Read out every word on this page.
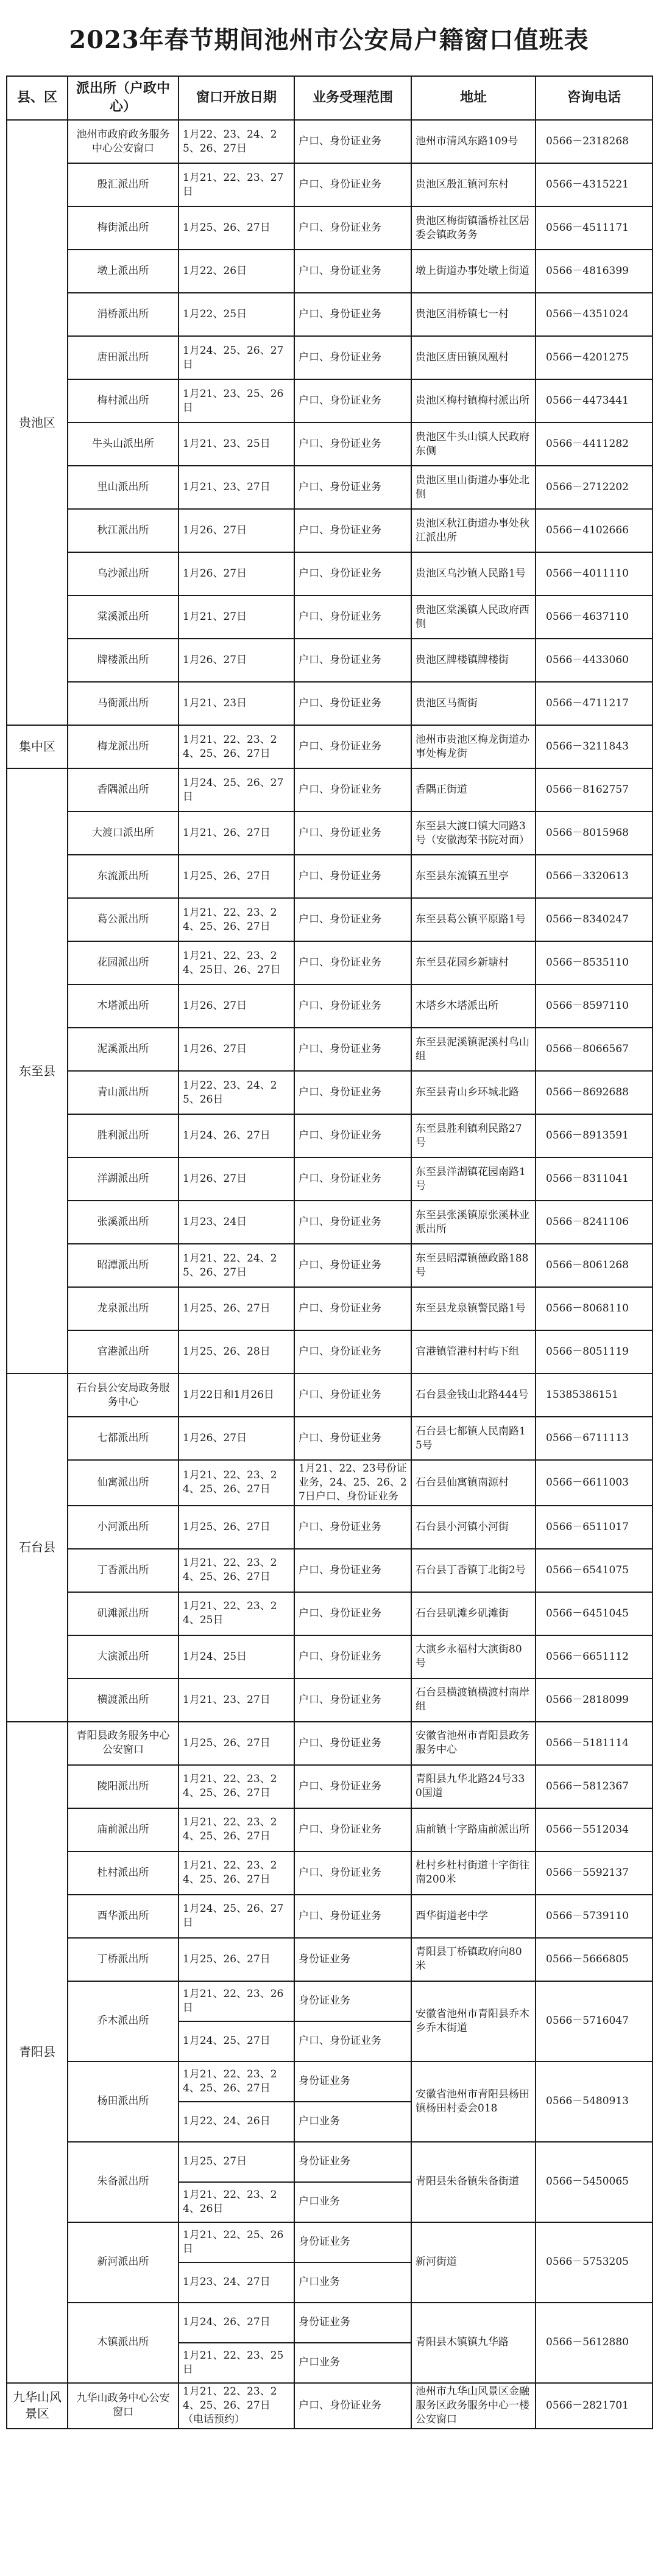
2023年春节期间池州市公安局户籍窗口值班表
县、区	派出所（户政中心）	窗口开放日期	业务受理范围	地址	咨询电话
贵池区	池州市政府政务服务中心公安窗口	1月22、23、24、25、26、27日	户口、身份证业务	池州市清风东路109号	0566－2318268
	殷汇派出所	1月21、22、23、27日	户口、身份证业务	贵池区殷汇镇河东村	0566－4315221
	梅街派出所	1月25、26、27日	户口、身份证业务	贵池区梅街镇潘桥社区居委会镇政务务	0566－4511171
	墩上派出所	1月22、26日	户口、身份证业务	墩上街道办事处墩上街道	0566－4816399
	涓桥派出所	1月22、25日	户口、身份证业务	贵池区涓桥镇七一村	0566－4351024
	唐田派出所	1月24、25、26、27日	户口、身份证业务	贵池区唐田镇凤凰村	0566－4201275
	梅村派出所	1月21、23、25、26日	户口、身份证业务	贵池区梅村镇梅村派出所	0566－4473441
	牛头山派出所	1月21、23、25日	户口、身份证业务	贵池区牛头山镇人民政府东侧	0566－4411282
	里山派出所	1月21、23、27日	户口、身份证业务	贵池区里山街道办事处北侧	0566－2712202
	秋江派出所	1月26、27日	户口、身份证业务	贵池区秋江街道办事处秋江派出所	0566－4102666
	乌沙派出所	1月26、27日	户口、身份证业务	贵池区乌沙镇人民路1号	0566－4011110
	棠溪派出所	1月21、27日	户口、身份证业务	贵池区棠溪镇人民政府西侧	0566－4637110
	牌楼派出所	1月26、27日	户口、身份证业务	贵池区牌楼镇牌楼街	0566－4433060
	马衙派出所	1月21、23日	户口、身份证业务	贵池区马衙街	0566－4711217
集中区	梅龙派出所	1月21、22、23、24、25、26、27日	户口、身份证业务	池州市贵池区梅龙街道办事处梅龙街	0566－3211843
东至县	香隅派出所	1月24、25、26、27日	户口、身份证业务	香隅正街道	0566－8162757
	大渡口派出所	1月21、26、27日	户口、身份证业务	东至县大渡口镇大同路3号（安徽海荣书院对面）	0566－8015968
	东流派出所	1月25、26、27日	户口、身份证业务	东至县东流镇五里亭	0566－3320613
	葛公派出所	1月21、22、23、24、25、26、27日	户口、身份证业务	东至县葛公镇平原路1号	0566－8340247
	花园派出所	1月21、22、23、24、25日、26、27日	户口、身份证业务	东至县花园乡新塘村	0566－8535110
	木塔派出所	1月26、27日	户口、身份证业务	木塔乡木塔派出所	0566－8597110
	泥溪派出所	1月26、27日	户口、身份证业务	东至县泥溪镇泥溪村鸟山组	0566－8066567
	青山派出所	1月22、23、24、25、26日	户口、身份证业务	东至县青山乡环城北路	0566－8692688
	胜利派出所	1月24、26、27日	户口、身份证业务	东至县胜利镇利民路27号	0566－8913591
	洋湖派出所	1月26、27日	户口、身份证业务	东至县洋湖镇花园南路1号	0566－8311041
	张溪派出所	1月23、24日	户口、身份证业务	东至县张溪镇原张溪林业派出所	0566－8241106
	昭潭派出所	1月21、22、24、25、26、27日	户口、身份证业务	东至县昭潭镇德政路188号	0566－8061268
	龙泉派出所	1月25、26、27日	户口、身份证业务	东至县龙泉镇警民路1号	0566－8068110
	官港派出所	1月25、26、28日	户口、身份证业务	官港镇管港村村屿下组	0566－8051119
石台县	石台县公安局政务服务中心	1月22日和1月26日	户口、身份证业务	石台县金钱山北路444号	15385386151
	七都派出所	1月26、27日	户口、身份证业务	石台县七都镇人民南路15号	0566－6711113
	仙寓派出所	1月21、22、23、24、25、26、27日	1月21、22、23号份证业务，24、25、26、27日户口、身份证业务	石台县仙寓镇南源村	0566－6611003
	小河派出所	1月25、26、27日	户口、身份证业务	石台县小河镇小河街	0566－6511017
	丁香派出所	1月21、22、23、24、25、26、27日	户口、身份证业务	石台县丁香镇丁北街2号	0566－6541075
	矶滩派出所	1月21、22、23、24、25日	户口、身份证业务	石台县矶滩乡矶滩街	0566－6451045
	大演派出所	1月24、25日	户口、身份证业务	大演乡永福村大演街80号	0566－6651112
	横渡派出所	1月21、23、27日	户口、身份证业务	石台县横渡镇横渡村南岸组	0566－2818099
青阳县	青阳县政务服务中心公安窗口	1月25、26、27日	户口、身份证业务	安徽省池州市青阳县政务服务中心	0566－5181114
	陵阳派出所	1月21、22、23、24、25、26、27日	户口、身份证业务	青阳县九华北路24号330国道	0566－5812367
	庙前派出所	1月21、22、23、24、25、26、27日	户口、身份证业务	庙前镇十字路庙前派出所	0566－5512034
	杜村派出所	1月21、22、23、24、25、26、27日	户口、身份证业务	杜村乡杜村街道十字街往南200米	0566－5592137
	酉华派出所	1月24、25、26、27日	户口、身份证业务	酉华街道老中学	0566－5739110
	丁桥派出所	1月25、26、27日	身份证业务	青阳县丁桥镇政府向80米	0566－5666805
	乔木派出所	1月21、22、23、26日	身份证业务	安徽省池州市青阳县乔木乡乔木街道	0566－5716047
		1月24、25、27日	户口、身份证业务		
	杨田派出所	1月21、22、23、24、25、26、27日	身份证业务	安徽省池州市青阳县杨田镇杨田村委会018	0566－5480913
		1月22、24、26日	户口业务		
	朱备派出所	1月25、27日	身份证业务	青阳县朱备镇朱备街道	0566－5450065
		1月21、22、23、24、26日	户口业务		
	新河派出所	1月21、22、25、26日	身份证业务	新河街道	0566－5753205
		1月23、24、27日	户口业务		
	木镇派出所	1月24、26、27日	身份证业务	青阳县木镇镇九华路	0566－5612880
		1月21、22、23、25日	户口业务		
九华山风景区	九华山政务中心公安窗口	1月21、22、23、24、25、26、27日（电话预约）	户口、身份证业务	池州市九华山风景区金融服务区政务服务中心一楼公安窗口	0566－2821701
